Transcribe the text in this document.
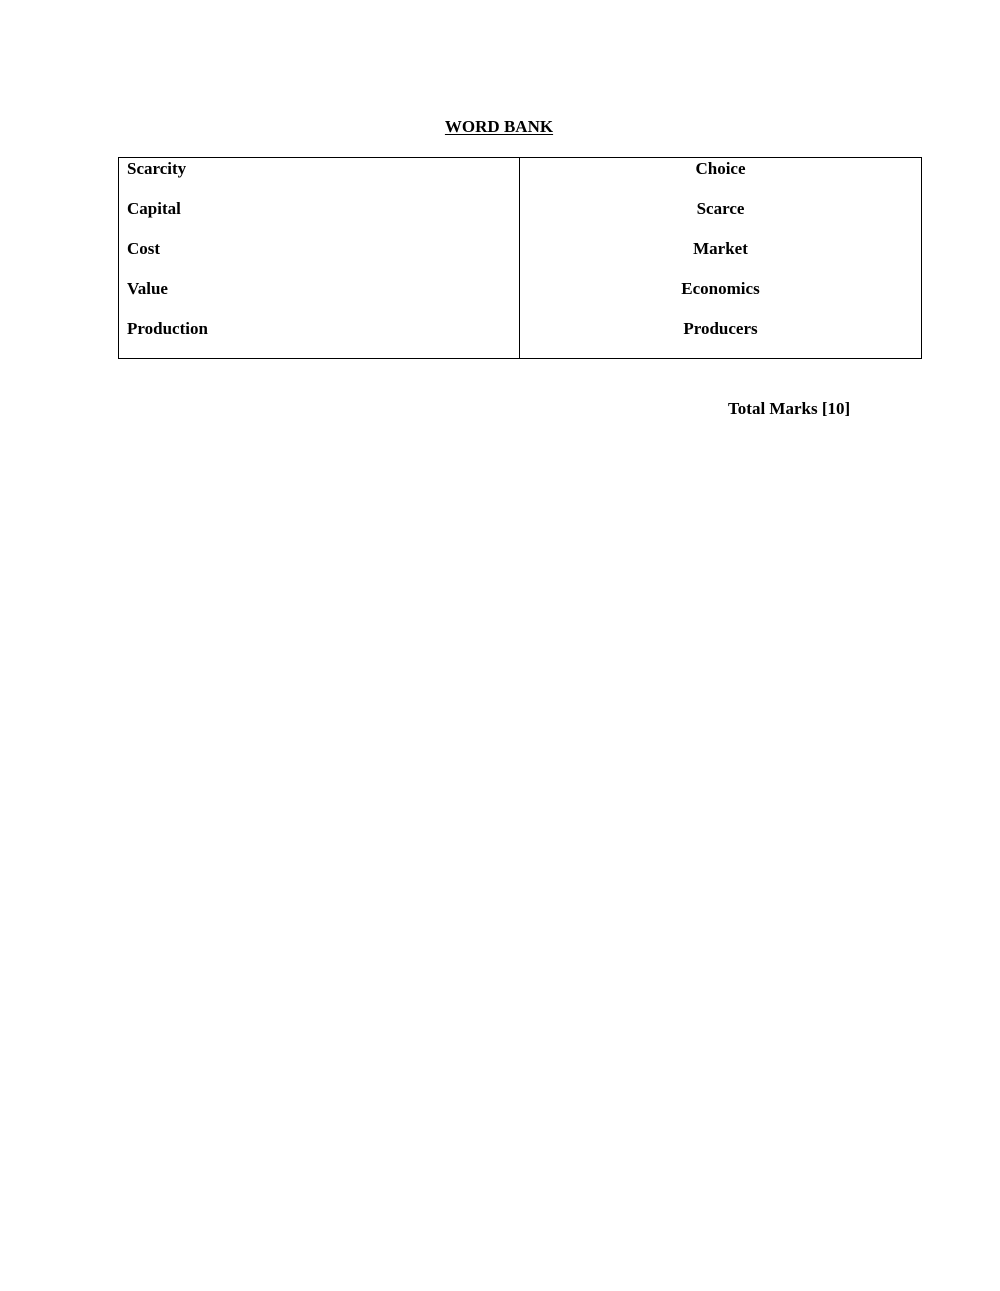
WORD BANK
Scarcity
Capital
Cost
Value
Production
Choice
Scarce
Market
Economics
Producers
Total Marks [10]
